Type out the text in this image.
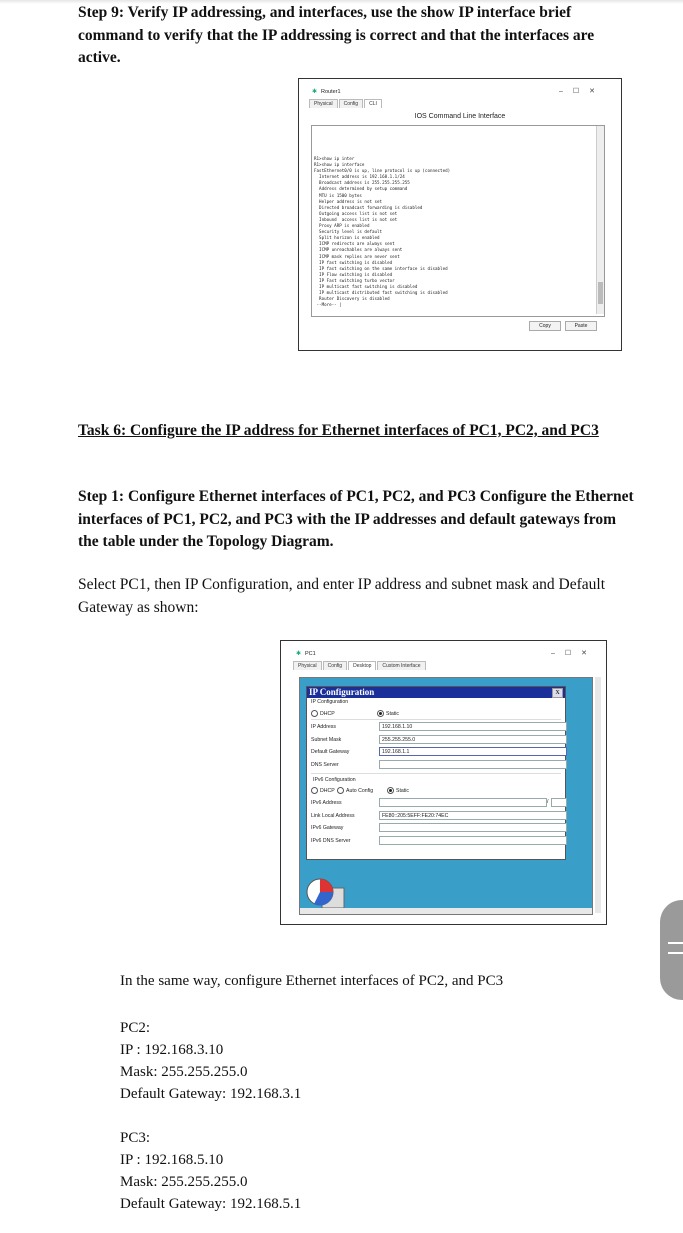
Step 9: Verify IP addressing, and interfaces, use the show IP interface brief command to verify that the IP addressing is correct and that the interfaces are active.
✱ Router1	–☐✕
Physical Config CLI
IOS Command Line Interface
R1>show ip inter
R1>show ip interface
FastEthernet0/0 is up, line protocol is up (connected)
Internet address is 192.168.1.1/24
Broadcast address is 255.255.255.255
Address determined by setup command
MTU is 1500 bytes
Helper address is not set
Directed broadcast forwarding is disabled
Outgoing access list is not set
Inbound  access list is not set
Proxy ARP is enabled
Security level is default
Split horizon is enabled
ICMP redirects are always sent
ICMP unreachables are always sent
ICMP mask replies are never sent
IP fast switching is disabled
IP fast switching on the same interface is disabled
IP Flow switching is disabled
IP Fast switching turbo vector
IP multicast fast switching is disabled
IP multicast distributed fast switching is disabled
Router Discovery is disabled
--More-- |
Copy	Paste
Task 6: Configure the IP address for Ethernet interfaces of PC1, PC2, and PC3
Step 1: Configure Ethernet interfaces of PC1, PC2, and PC3 Configure the Ethernet interfaces of PC1, PC2, and PC3 with the IP addresses and default gateways from the table under the Topology Diagram.
Select PC1, then IP Configuration, and enter IP address and subnet mask and Default Gateway as shown:
✱ PC1	–☐✕
Physical Config Desktop Custom Interface
IP Configuration	X
IP Configuration
DHCP	Static
IP Address	192.168.1.10
Subnet Mask	255.255.255.0
Default Gateway	192.168.1.1
DNS Server
IPv6 Configuration
DHCP	Auto Config	Static
IPv6 Address	/
Link Local Address	FE80::205:5EFF:FE20:74EC
IPv6 Gateway
IPv6 DNS Server
In the same way, configure Ethernet interfaces of PC2, and PC3
PC2:
IP : 192.168.3.10
Mask: 255.255.255.0
Default Gateway: 192.168.3.1
PC3:
IP : 192.168.5.10
Mask: 255.255.255.0
Default Gateway: 192.168.5.1
